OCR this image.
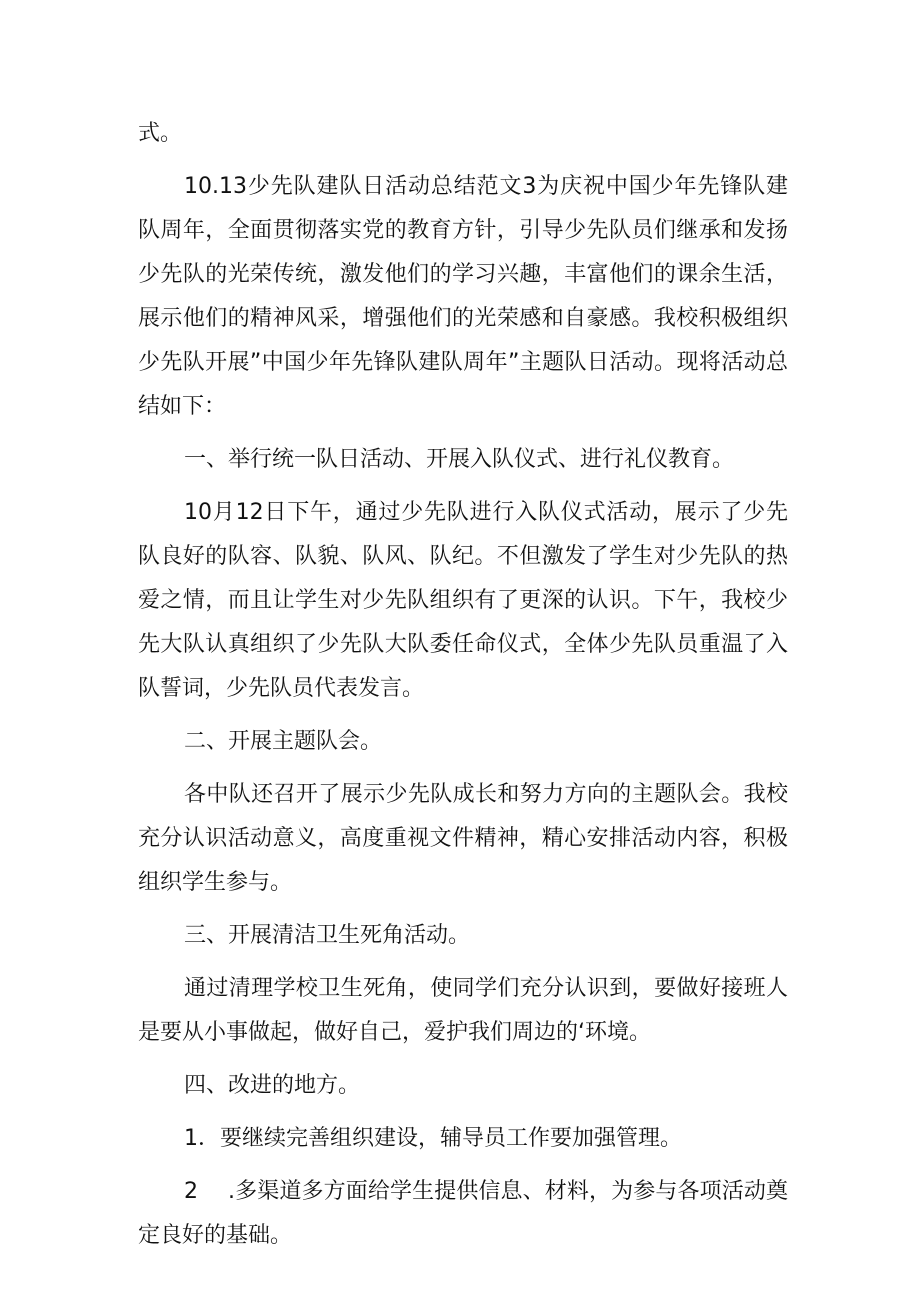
式。

10.13少先队建队日活动总结范文3为庆祝中国少年先锋队建队周年，全面贯彻落实党的教育方针，引导少先队员们继承和发扬少先队的光荣传统，激发他们的学习兴趣，丰富他们的课余生活，展示他们的精神风采，增强他们的光荣感和自豪感。我校积极组织少先队开展”中国少年先锋队建队周年”主题队日活动。现将活动总结如下：

一、举行统一队日活动、开展入队仪式、进行礼仪教育。

10月12日下午，通过少先队进行入队仪式活动，展示了少先队良好的队容、队貌、队风、队纪。不但激发了学生对少先队的热爱之情，而且让学生对少先队组织有了更深的认识。下午，我校少先大队认真组织了少先队大队委任命仪式，全体少先队员重温了入队誓词，少先队员代表发言。

二、开展主题队会。

各中队还召开了展示少先队成长和努力方向的主题队会。我校充分认识活动意义，高度重视文件精神，精心安排活动内容，积极组织学生参与。

三、开展清洁卫生死角活动。

通过清理学校卫生死角，使同学们充分认识到，要做好接班人是要从小事做起，做好自己，爱护我们周边的‘环境。

四、改进的地方。

1．要继续完善组织建设，辅导员工作要加强管理。

2 .多渠道多方面给学生提供信息、材料，为参与各项活动奠定良好的基础。
